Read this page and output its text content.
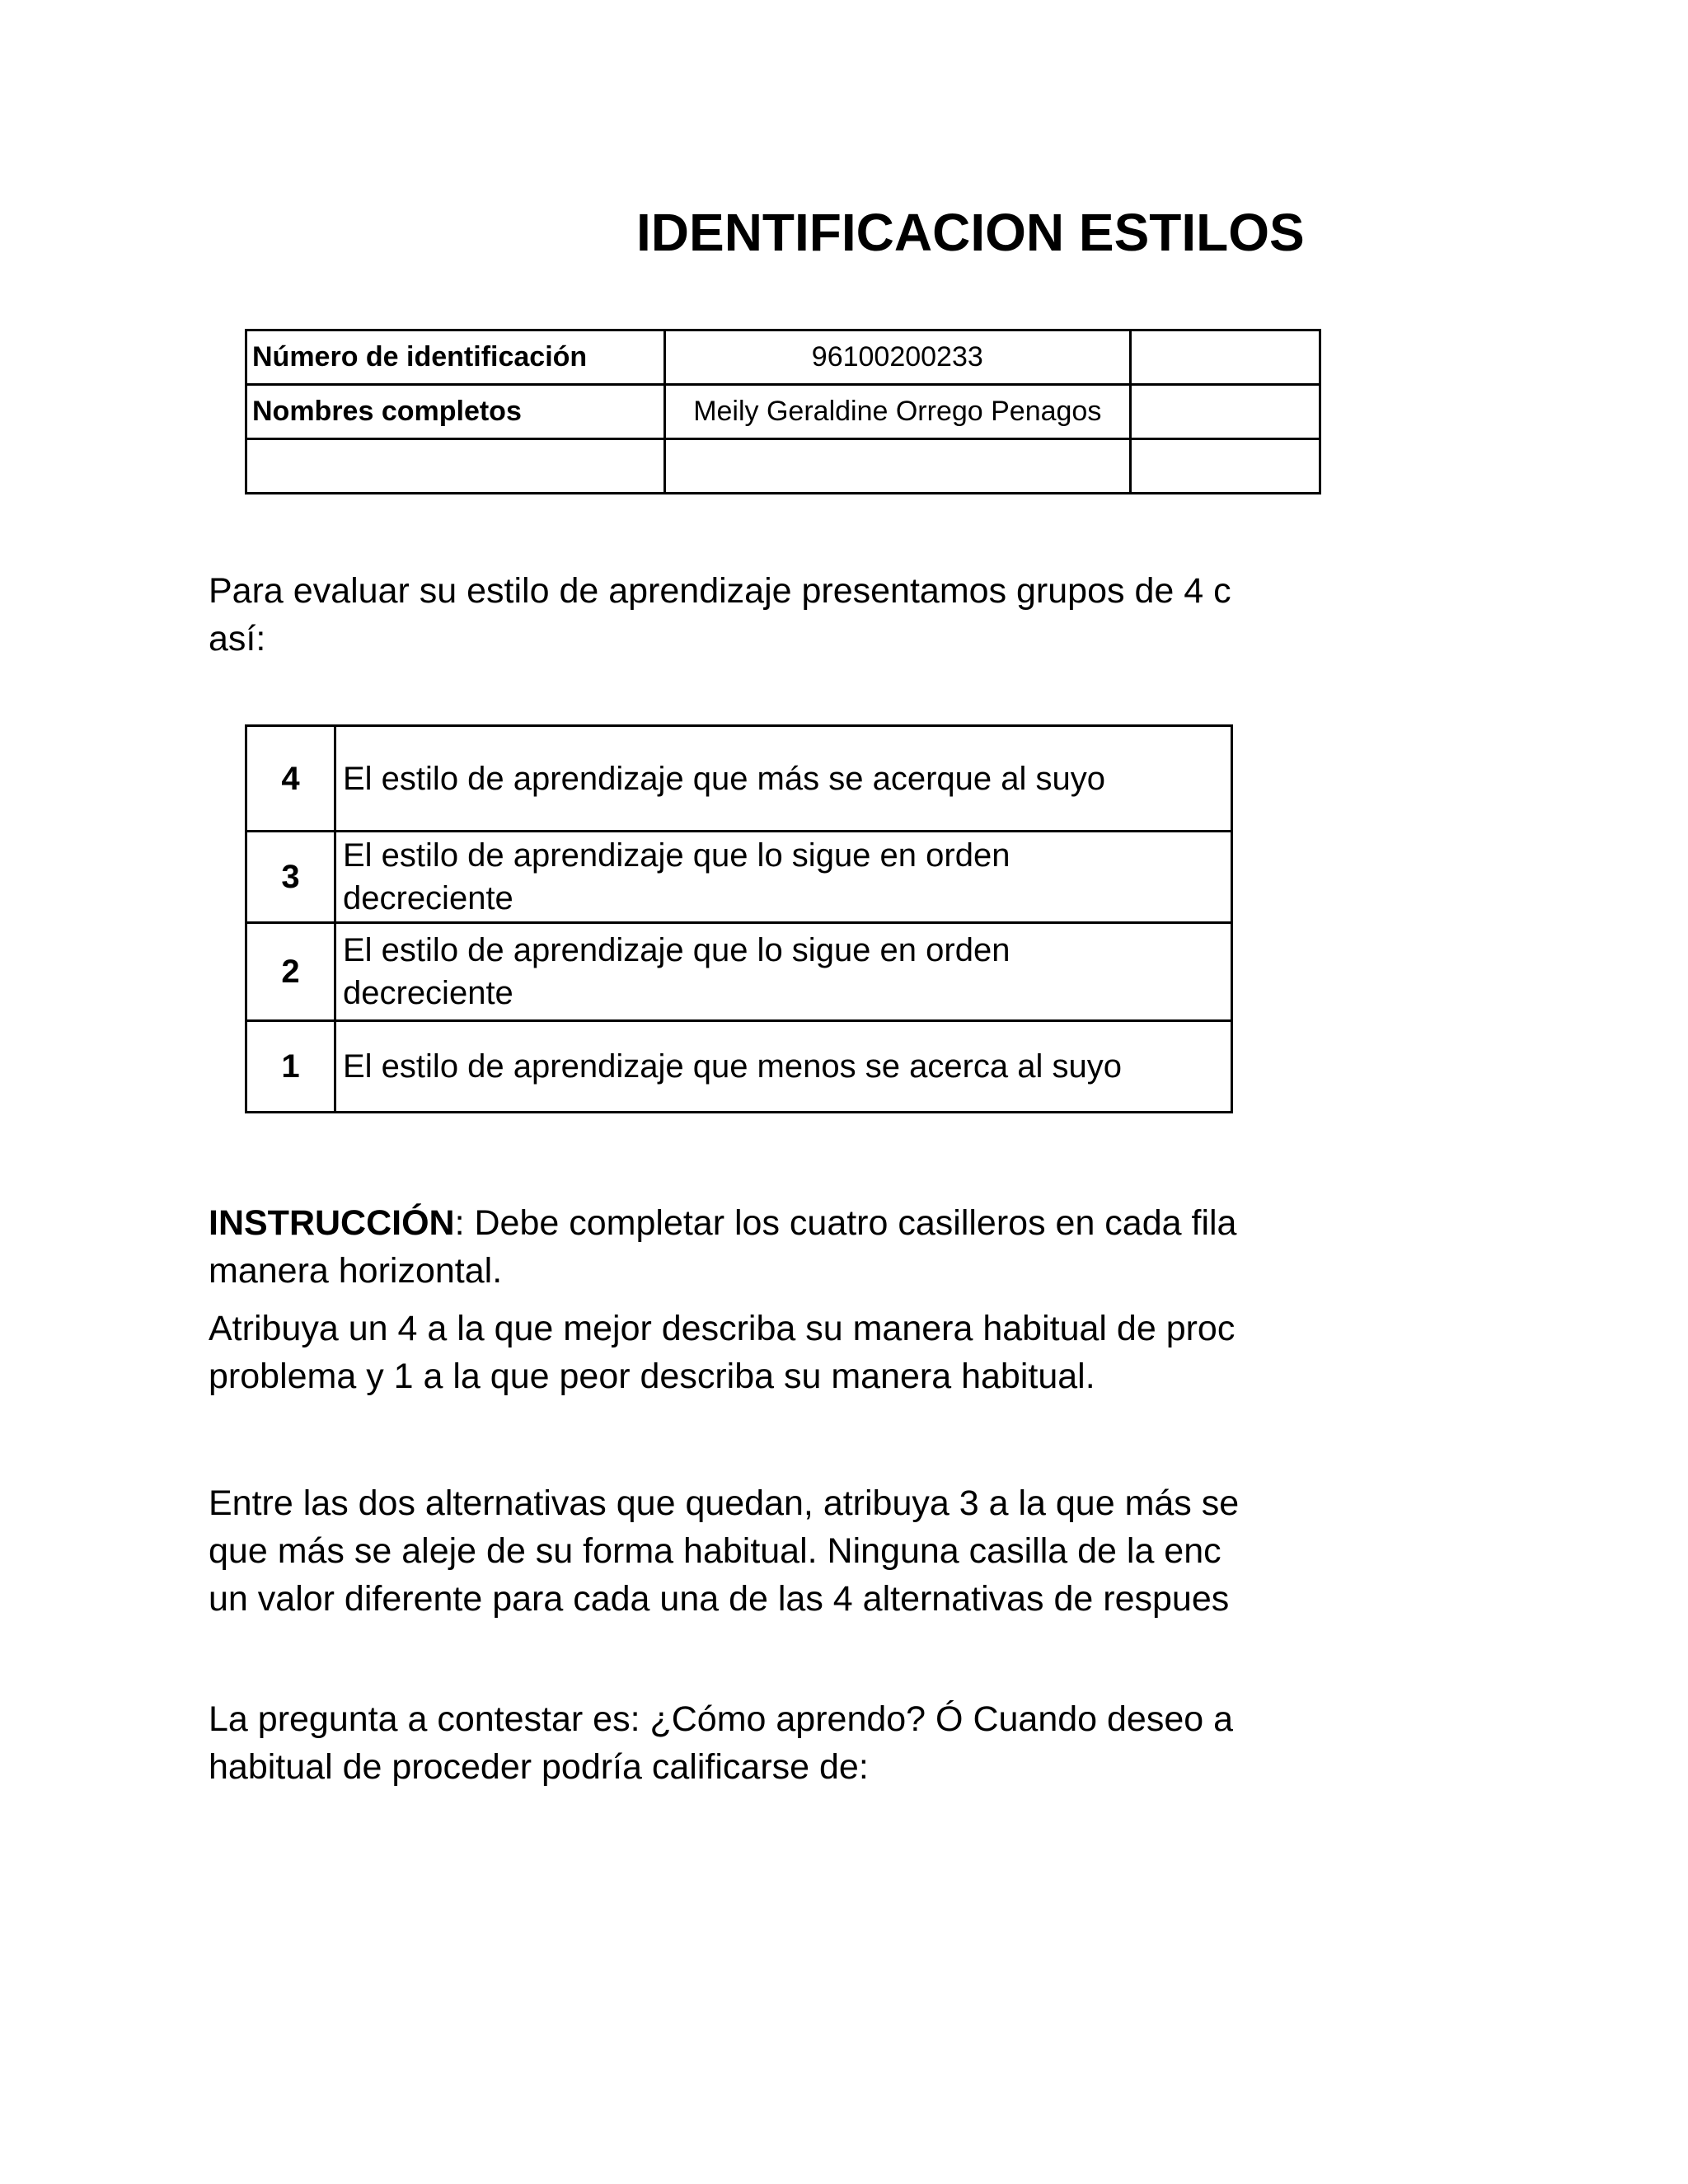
IDENTIFICACION ESTILOS
Número de identificación	96100200233	
Nombres completos	Meily Geraldine Orrego Penagos	

Para evaluar su estilo de aprendizaje presentamos grupos de 4 c
así:
4	El estilo de aprendizaje que más se acerque al suyo
3	El estilo de aprendizaje que lo sigue en orden
decreciente

2	El estilo de aprendizaje que lo sigue en orden
decreciente

1	El estilo de aprendizaje que menos se acerca al suyo
INSTRUCCIÓN: Debe completar los cuatro casilleros en cada fila
manera horizontal.
Atribuya un 4 a la que mejor describa su manera habitual de proc
problema y 1 a la que peor describa su manera habitual.
Entre las dos alternativas que quedan, atribuya 3 a la que más se
que más se aleje de su forma habitual. Ninguna casilla de la enc
un valor diferente para cada una de las 4 alternativas de respues
La pregunta a contestar es: ¿Cómo aprendo? Ó Cuando deseo a
habitual de proceder podría calificarse de:
